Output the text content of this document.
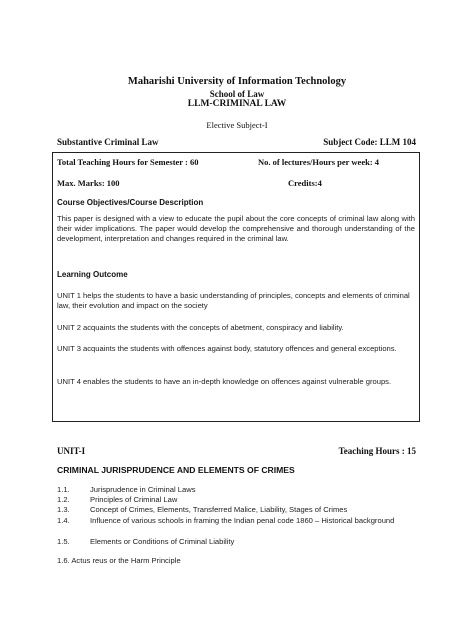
Maharishi University of Information Technology
School of Law
LLM-CRIMINAL LAW
Elective Subject-I
Substantive Criminal Law	Subject Code: LLM 104
Total Teaching Hours for Semester : 60	No. of lectures/Hours per week: 4
Max. Marks: 100	Credits:4
Course Objectives/Course Description
This paper is designed with a view to educate the pupil about the core concepts of criminal law along with their wider implications. The paper would develop the comprehensive and thorough understanding of the development, interpretation and changes required in the criminal law.
Learning Outcome
UNIT 1 helps the students to have a basic understanding of principles, concepts and elements of criminal law, their evolution and impact on the society
UNIT 2 acquaints the students with the concepts of abetment, conspiracy and liability.
UNIT 3 acquaints the students with offences against body, statutory offences and general exceptions.
UNIT 4 enables the students to have an in-depth knowledge on offences against vulnerable groups.
UNIT-I	Teaching Hours : 15
CRIMINAL JURISPRUDENCE AND ELEMENTS OF CRIMES
1.1.	Jurisprudence in Criminal Laws
1.2.	Principles of Criminal Law
1.3.	Concept of Crimes, Elements, Transferred Malice, Liability, Stages of Crimes
1.4.	Influence of various schools in framing the Indian penal code 1860 – Historical background
1.5.	Elements or Conditions of Criminal Liability
1.6. Actus reus or the Harm Principle
